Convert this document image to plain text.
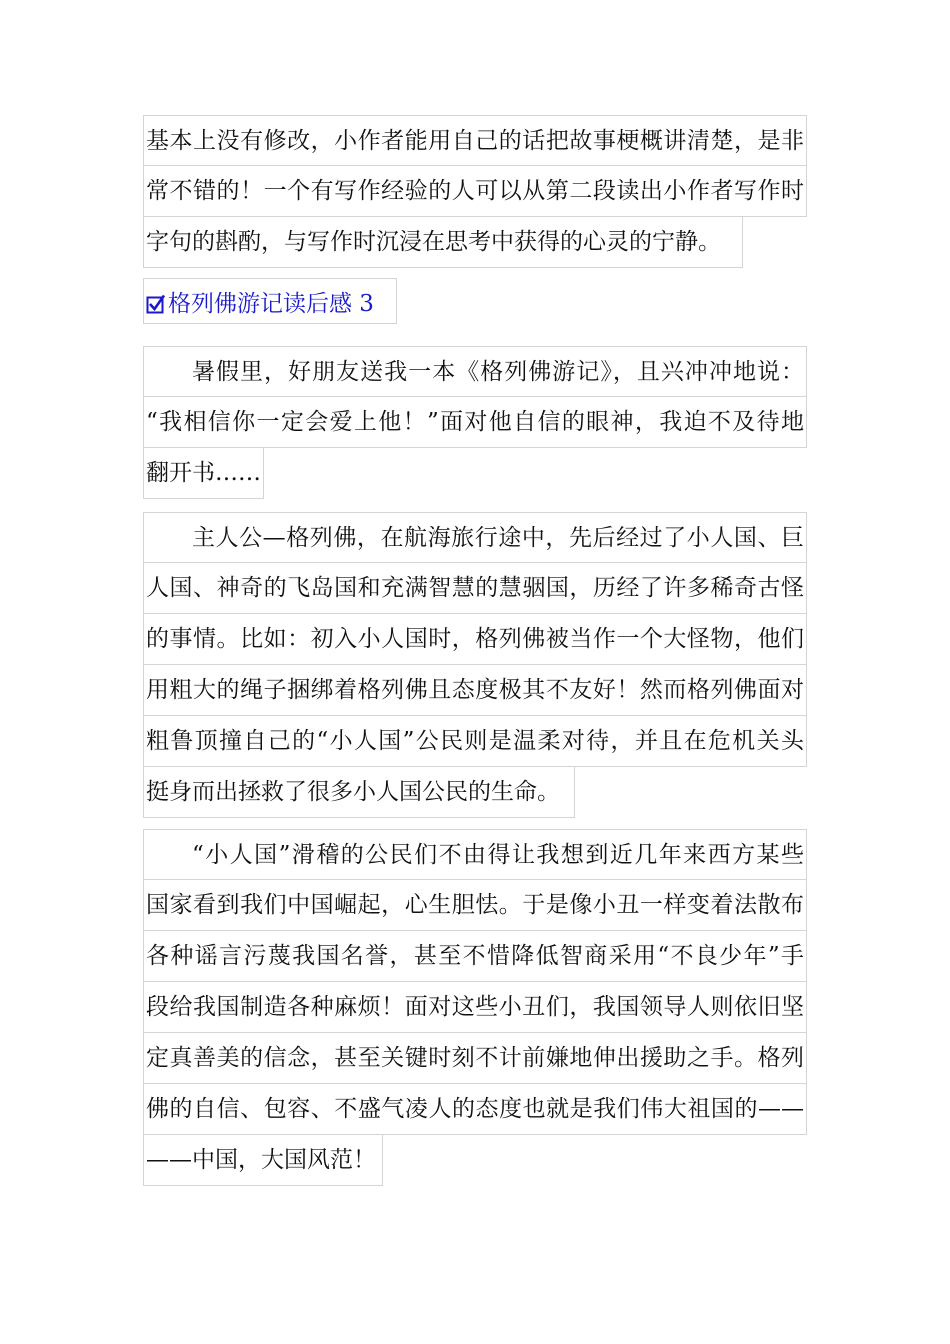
基本上没有修改，小作者能用自己的话把故事梗概讲清楚，是非
常不错的！一个有写作经验的人可以从第二段读出小作者写作时
字句的斟酌，与写作时沉浸在思考中获得的心灵的宁静。
格列佛游记读后感 3
暑假里，好朋友送我一本《格列佛游记》，且兴冲冲地说：
“我相信你一定会爱上他！”面对他自信的眼神，我迫不及待地
翻开书……
主人公—格列佛，在航海旅行途中，先后经过了小人国、巨
人国、神奇的飞岛国和充满智慧的慧骃国，历经了许多稀奇古怪
的事情。比如：初入小人国时，格列佛被当作一个大怪物，他们
用粗大的绳子捆绑着格列佛且态度极其不友好！然而格列佛面对
粗鲁顶撞自己的“小人国”公民则是温柔对待，并且在危机关头
挺身而出拯救了很多小人国公民的生命。
“小人国”滑稽的公民们不由得让我想到近几年来西方某些
国家看到我们中国崛起，心生胆怯。于是像小丑一样变着法散布
各种谣言污蔑我国名誉，甚至不惜降低智商采用“不良少年”手
段给我国制造各种麻烦！面对这些小丑们，我国领导人则依旧坚
定真善美的信念，甚至关键时刻不计前嫌地伸出援助之手。格列
佛的自信、包容、不盛气凌人的态度也就是我们伟大祖国的——
——中国，大国风范！
